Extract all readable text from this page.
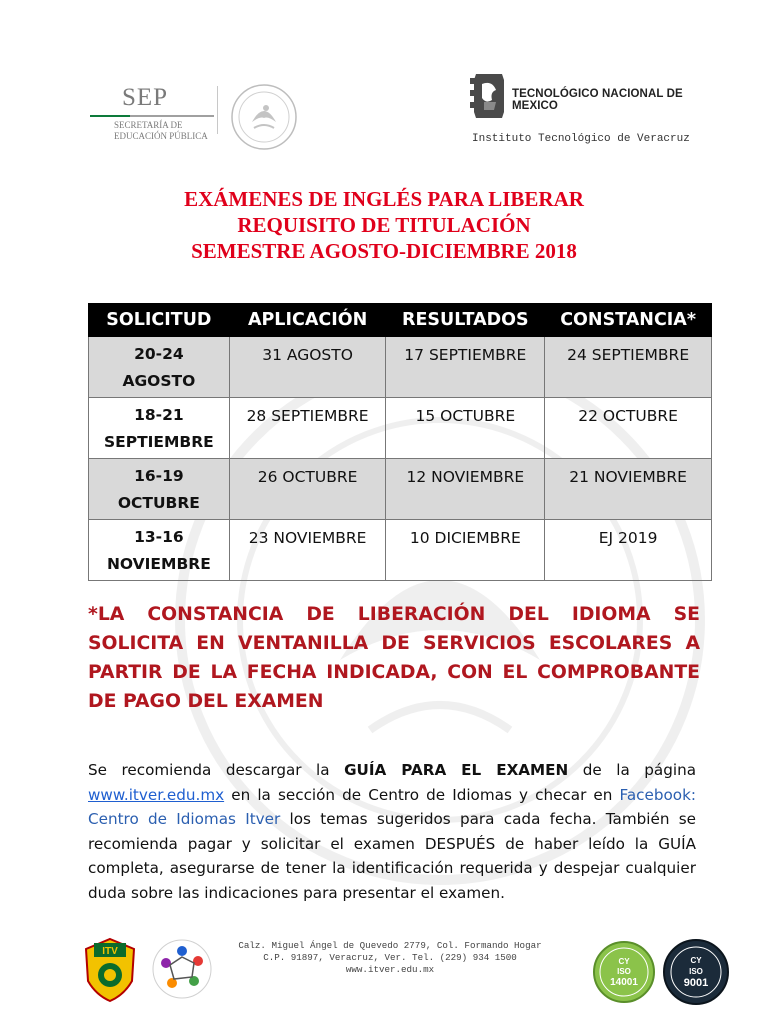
SEP
SECRETARÍA DE
EDUCACIÓN PÚBLICA
TECNOLÓGICO NACIONAL DE MEXICO
Instituto Tecnológico de Veracruz
EXÁMENES DE INGLÉS PARA LIBERAR
REQUISITO DE TITULACIÓN
SEMESTRE AGOSTO-DICIEMBRE 2018
SOLICITUD	APLICACIÓN	RESULTADOS	CONSTANCIA*

20-24
AGOSTO	31 AGOSTO	17 SEPTIEMBRE	24 SEPTIEMBRE

18-21
SEPTIEMBRE	28 SEPTIEMBRE	15 OCTUBRE	22 OCTUBRE

16-19
OCTUBRE	26 OCTUBRE	12 NOVIEMBRE	21 NOVIEMBRE

13-16
NOVIEMBRE	23 NOVIEMBRE	10 DICIEMBRE	EJ 2019
*LA CONSTANCIA DE LIBERACIÓN DEL IDIOMA SE SOLICITA EN VENTANILLA DE SERVICIOS ESCOLARES A PARTIR DE LA FECHA INDICADA, CON EL COMPROBANTE DE PAGO DEL EXAMEN
Se recomienda descargar la GUÍA PARA EL EXAMEN de la página www.itver.edu.mx en la sección de Centro de Idiomas y checar en Facebook: Centro de Idiomas Itver los temas sugeridos para cada fecha. También se recomienda pagar y solicitar el examen DESPUÉS de haber leído la GUÍA completa, asegurarse de tener la identificación requerida y despejar cualquier duda sobre las indicaciones para presentar el examen.
ITV
CY
ISO
14001
CY
ISO
9001
Calz. Miguel Ángel de Quevedo 2779, Col. Formando Hogar
C.P. 91897, Veracruz, Ver. Tel. (229) 934 1500
www.itver.edu.mx
